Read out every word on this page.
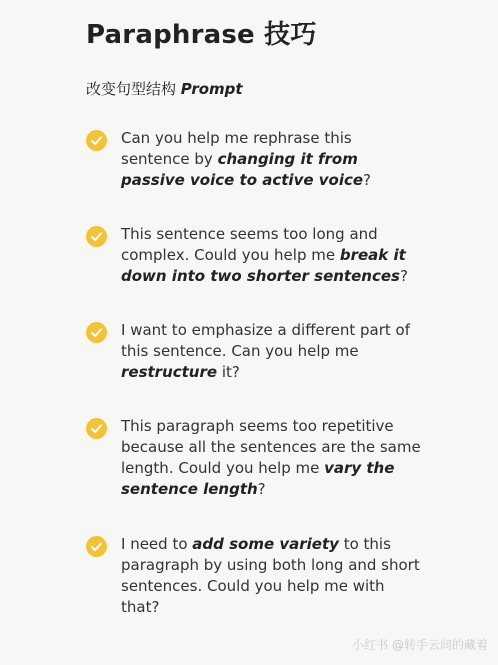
Paraphrase 技巧
改变句型结构 Prompt
Can you help me rephrase this sentence by changing it from passive voice to active voice?
This sentence seems too long and complex. Could you help me break it down into two shorter sentences?
I want to emphasize a different part of this sentence. Can you help me restructure it?
This paragraph seems too repetitive because all the sentences are the same length. Could you help me vary the sentence length?
I need to add some variety to this paragraph by using both long and short sentences. Could you help me with that?
小红书 @转手云间的藏着
